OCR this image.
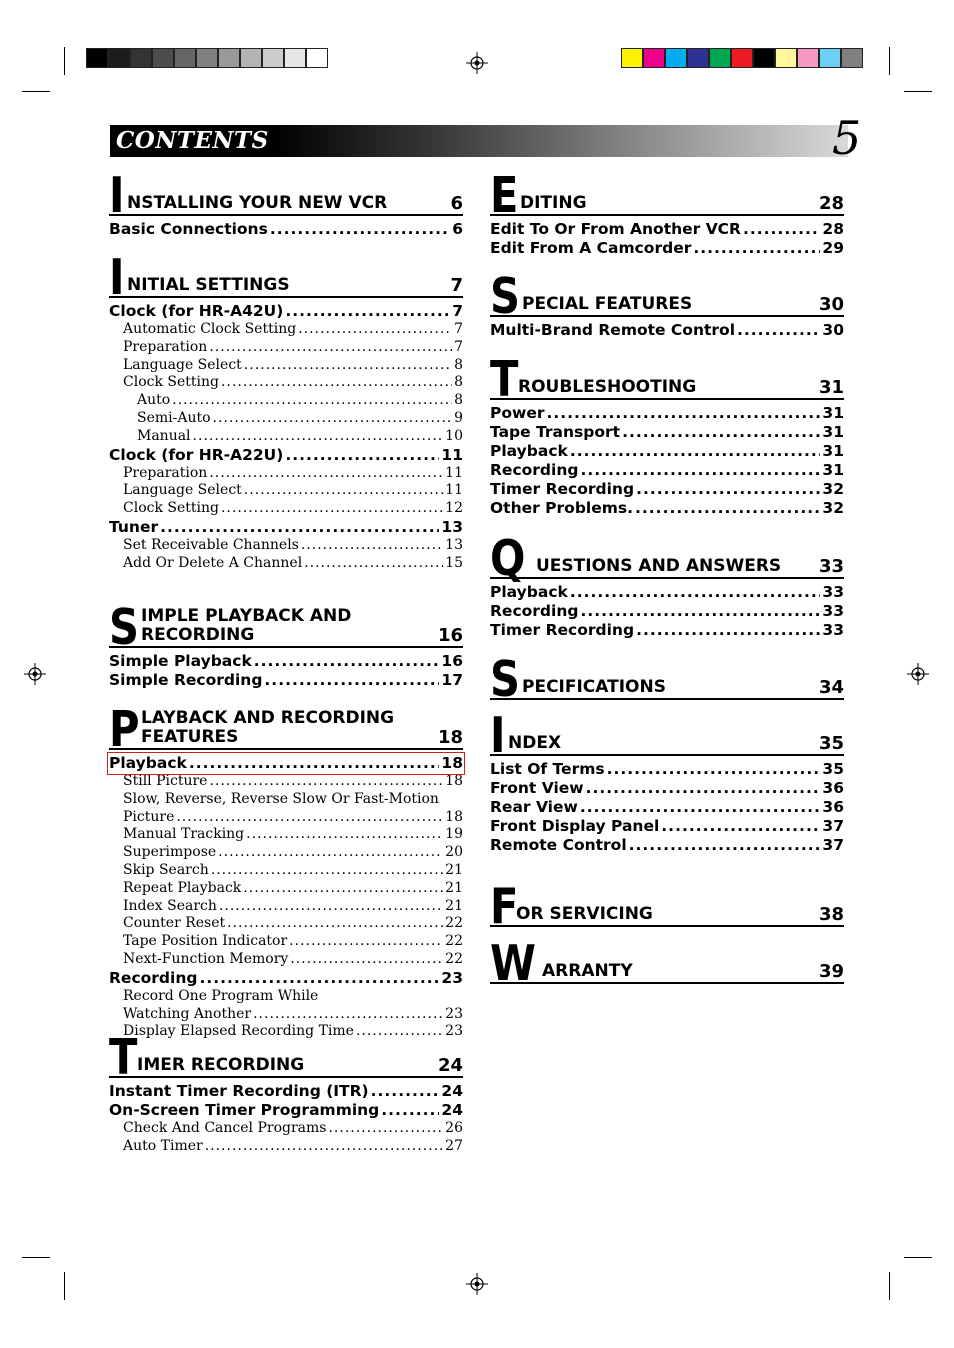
CONTENTS	5
I NSTALLING YOUR NEW VCR	6
Basic Connections .....	6
I NITIAL SETTINGS	7
Clock (for HR-A42U) .....	7
Automatic Clock Setting .....	7
Preparation .....	7
Language Select .....	8
Clock Setting .....	8
Auto .....	8
Semi-Auto .....	9
Manual .....	10
Clock (for HR-A22U) .....	11
Preparation .....	11
Language Select .....	11
Clock Setting .....	12
Tuner .....	13
Set Receivable Channels .....	13
Add Or Delete A Channel .....	15
S IMPLE PLAYBACK AND
RECORDING	16
Simple Playback .....	16
Simple Recording .....	17
P LAYBACK AND RECORDING
FEATURES	18
Playback .....	18
Still Picture .....	18
Slow, Reverse, Reverse Slow Or Fast-Motion
Picture .....	18
Manual Tracking .....	19
Superimpose .....	20
Skip Search .....	21
Repeat Playback .....	21
Index Search .....	21
Counter Reset .....	22
Tape Position Indicator .....	22
Next-Function Memory .....	22
Recording .....	23
Record One Program While
Watching Another .....	23
Display Elapsed Recording Time .....	23
T IMER RECORDING	24
Instant Timer Recording (ITR) .....	24
On-Screen Timer Programming .....	24
Check And Cancel Programs .....	26
Auto Timer .....	27
E DITING	28
Edit To Or From Another VCR .....	28
Edit From A Camcorder .....	29
S PECIAL FEATURES	30
Multi-Brand Remote Control .....	30
T ROUBLESHOOTING	31
Power .....	31
Tape Transport .....	31
Playback .....	31
Recording .....	31
Timer Recording .....	32
Other Problems. .....	32
Q UESTIONS AND ANSWERS 33
Playback .....	33
Recording .....	33
Timer Recording .....	33
S PECIFICATIONS	34
I NDEX	35
List Of Terms .....	35
Front View .....	36
Rear View .....	36
Front Display Panel .....	37
Remote Control .....	37
F
OR SERVICING	38
W ARRANTY	39
